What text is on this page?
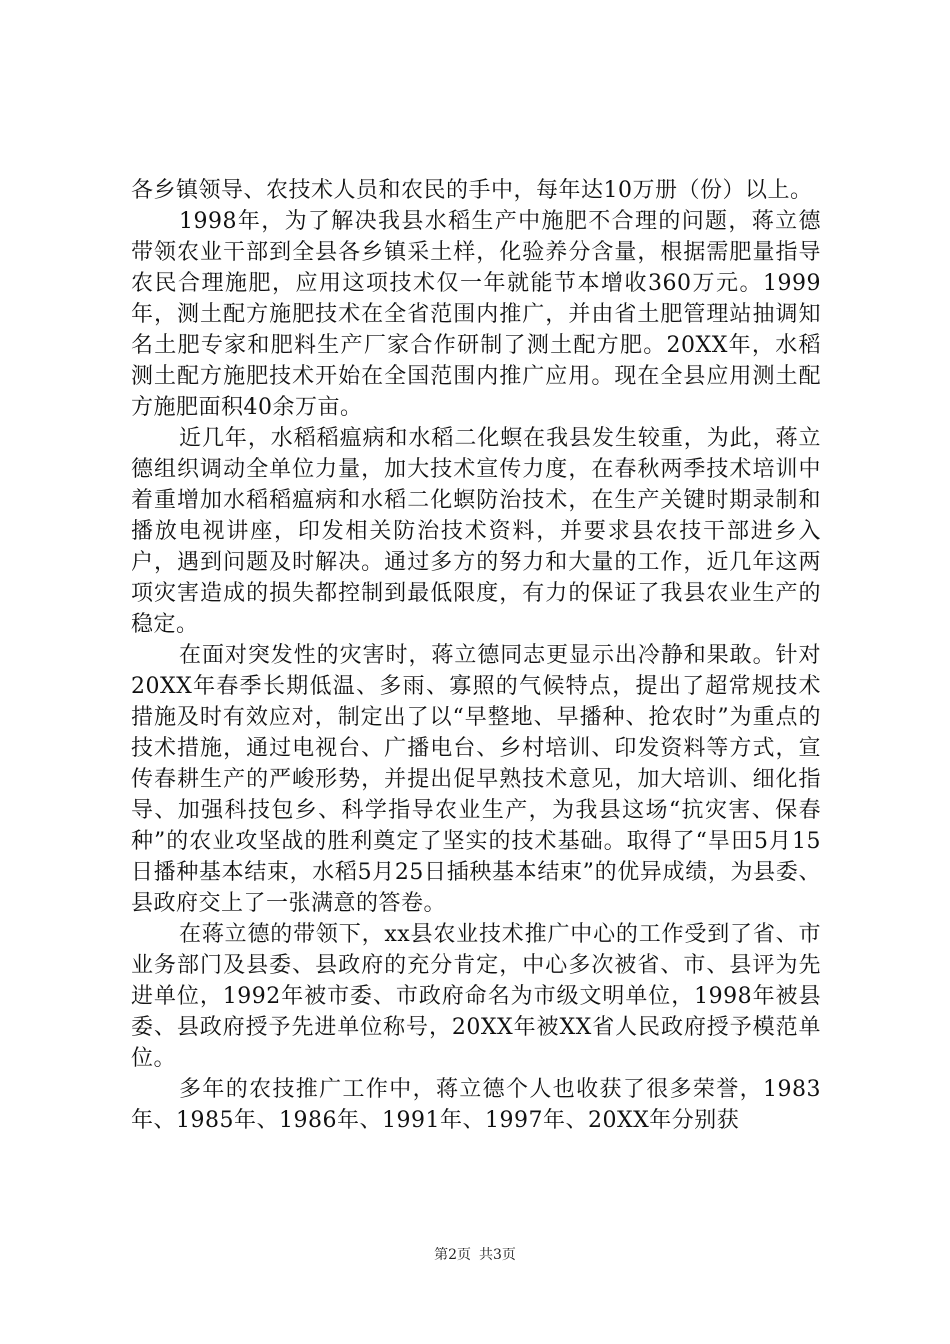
各乡镇领导、农技术人员和农民的手中，每年达10万册（份）以上。

1998年，为了解决我县水稻生产中施肥不合理的问题，蒋立德带领农业干部到全县各乡镇采土样，化验养分含量，根据需肥量指导农民合理施肥，应用这项技术仅一年就能节本增收360万元。1999年，测土配方施肥技术在全省范围内推广，并由省土肥管理站抽调知名土肥专家和肥料生产厂家合作研制了测土配方肥。20XX年，水稻测土配方施肥技术开始在全国范围内推广应用。现在全县应用测土配方施肥面积40余万亩。

近几年，水稻稻瘟病和水稻二化螟在我县发生较重，为此，蒋立德组织调动全单位力量，加大技术宣传力度，在春秋两季技术培训中着重增加水稻稻瘟病和水稻二化螟防治技术，在生产关键时期录制和播放电视讲座，印发相关防治技术资料，并要求县农技干部进乡入户，遇到问题及时解决。通过多方的努力和大量的工作，近几年这两项灾害造成的损失都控制到最低限度，有力的保证了我县农业生产的稳定。

在面对突发性的灾害时，蒋立德同志更显示出冷静和果敢。针对20XX年春季长期低温、多雨、寡照的气候特点，提出了超常规技术措施及时有效应对，制定出了以“早整地、早播种、抢农时”为重点的技术措施，通过电视台、广播电台、乡村培训、印发资料等方式，宣传春耕生产的严峻形势，并提出促早熟技术意见，加大培训、细化指导、加强科技包乡、科学指导农业生产，为我县这场“抗灾害、保春种”的农业攻坚战的胜利奠定了坚实的技术基础。取得了“旱田5月15日播种基本结束，水稻5月25日插秧基本结束”的优异成绩，为县委、县政府交上了一张满意的答卷。

在蒋立德的带领下，xx县农业技术推广中心的工作受到了省、市业务部门及县委、县政府的充分肯定，中心多次被省、市、县评为先进单位，1992年被市委、市政府命名为市级文明单位，1998年被县委、县政府授予先进单位称号，20XX年被XX省人民政府授予模范单位。

多年的农技推广工作中，蒋立德个人也收获了很多荣誉，1983年、1985年、1986年、1991年、1997年、20XX年分别获

第2页 共3页
